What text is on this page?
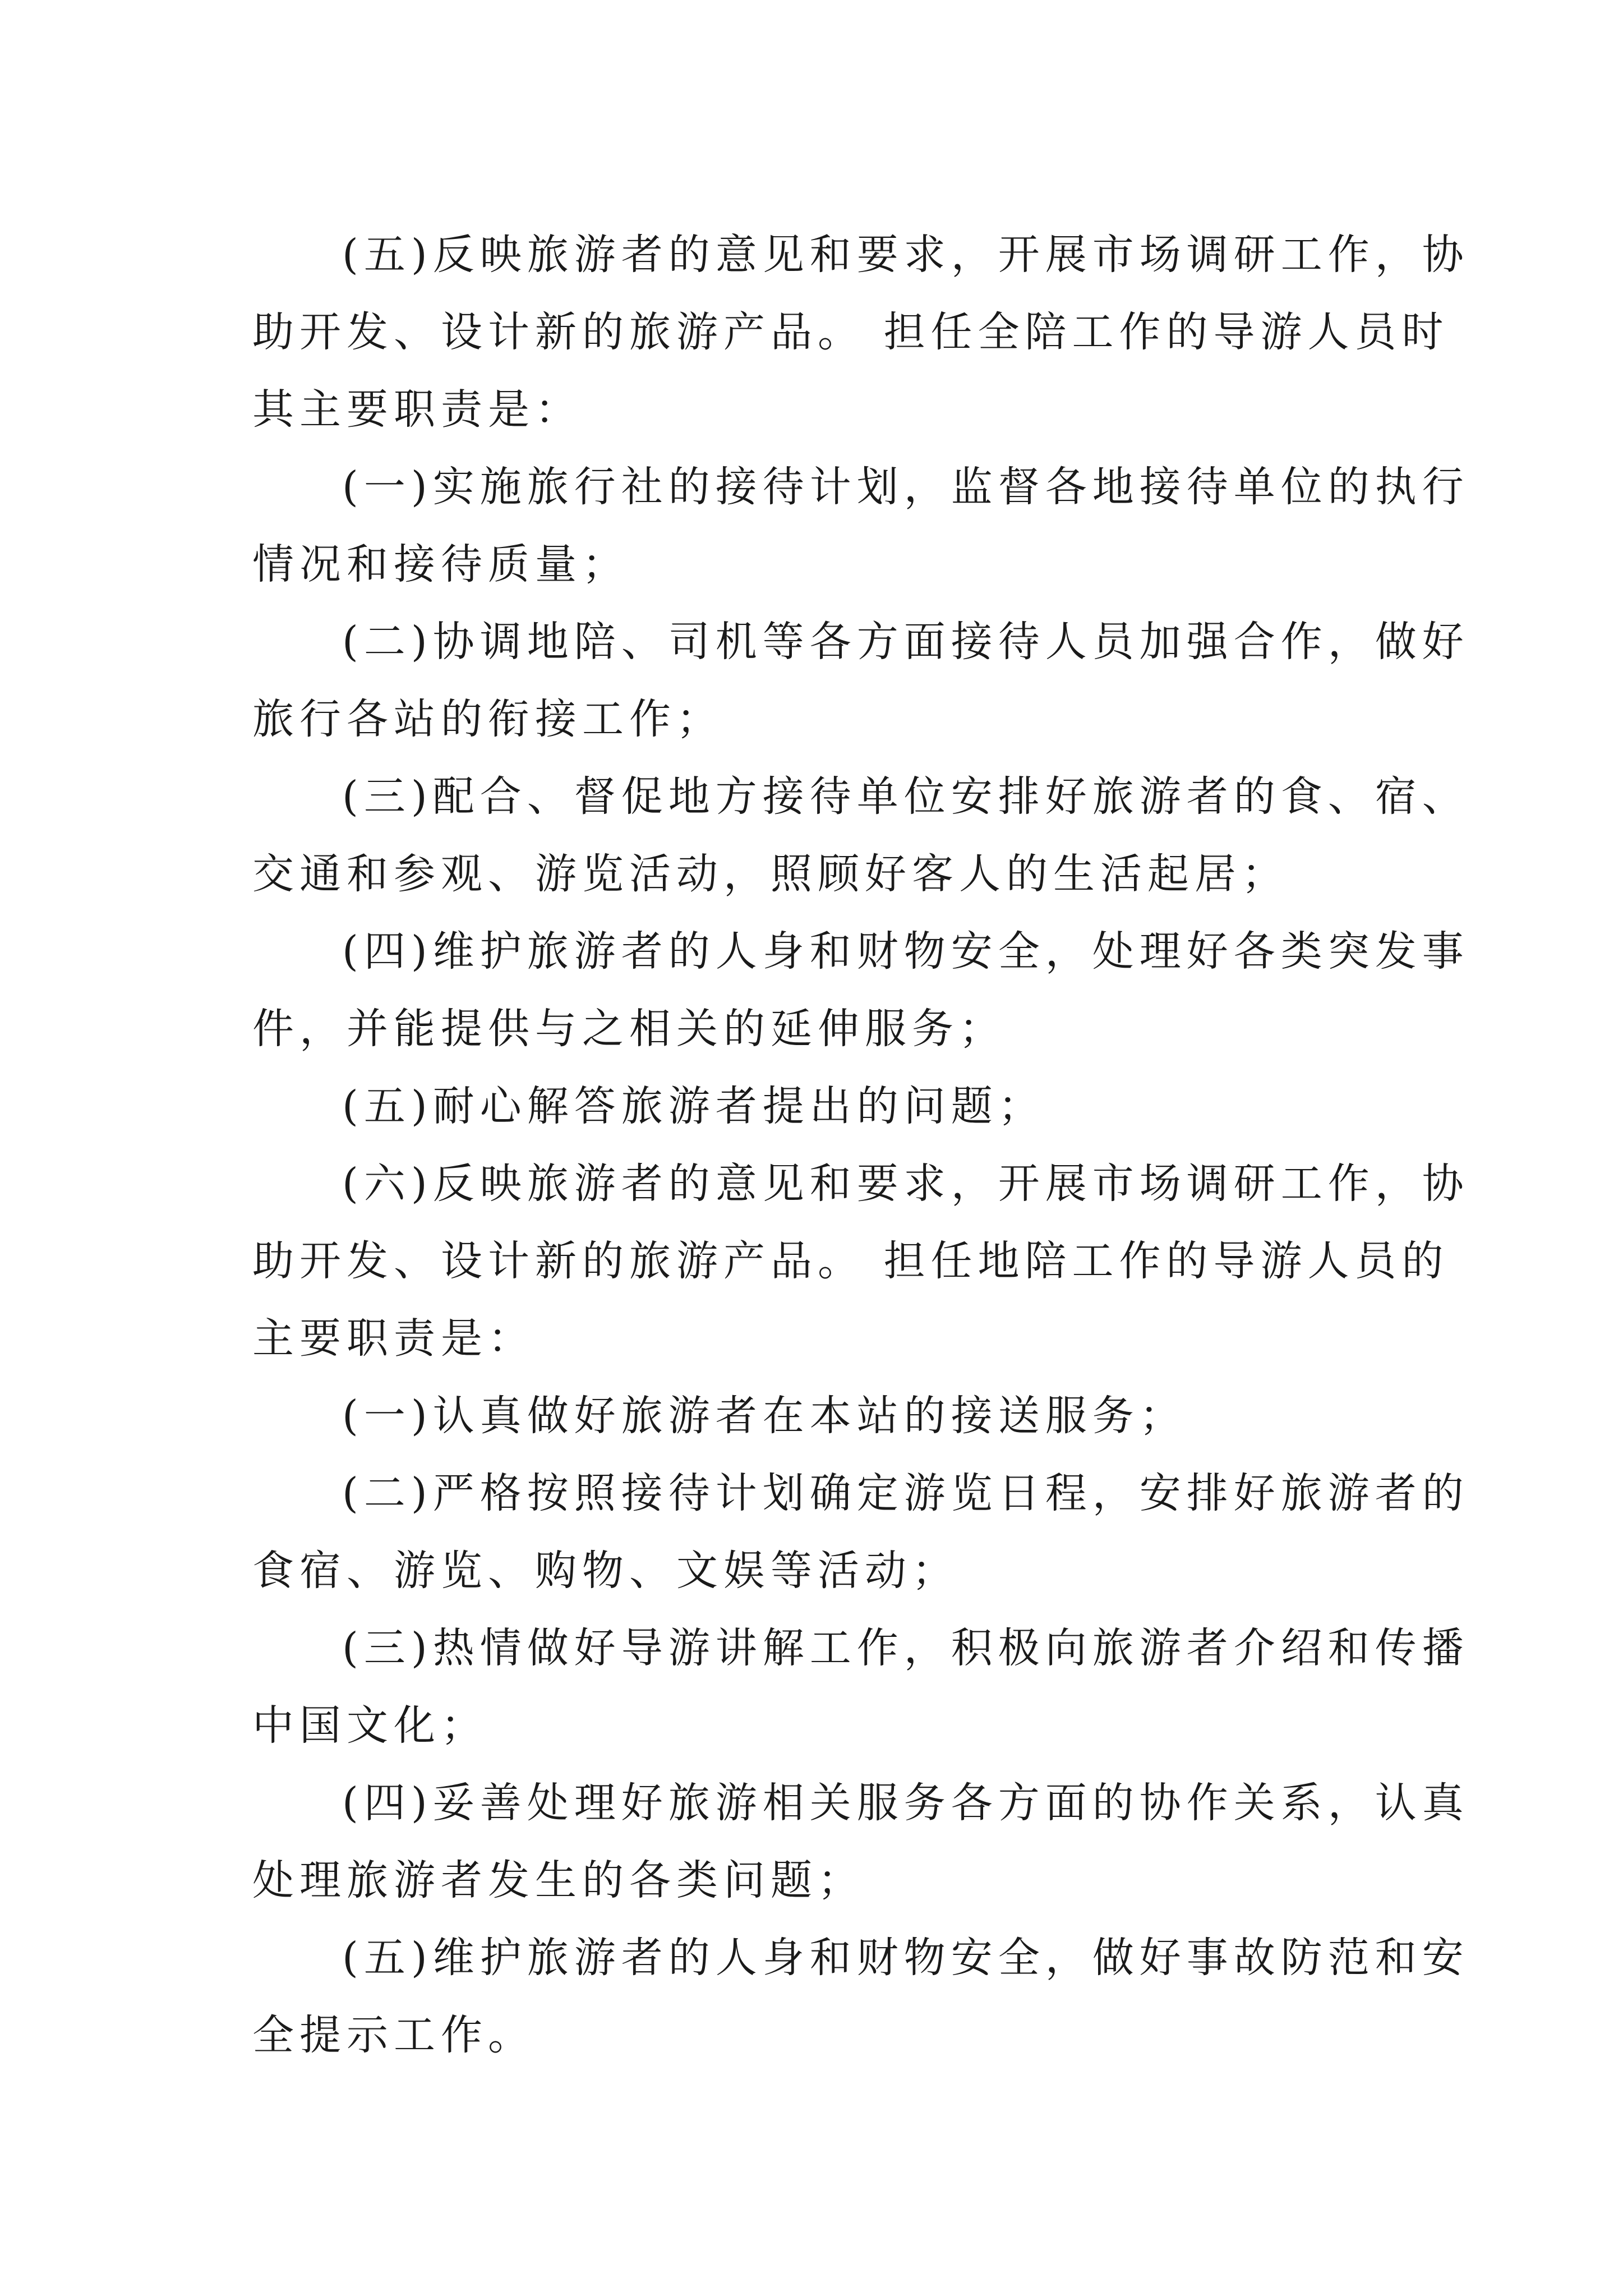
(五)反映旅游者的意见和要求，开展市场调研工作，协
助开发、设计新的旅游产品。 担任全陪工作的导游人员时
其主要职责是：
(一)实施旅行社的接待计划，监督各地接待单位的执行
情况和接待质量；
(二)协调地陪、司机等各方面接待人员加强合作，做好
旅行各站的衔接工作；
(三)配合、督促地方接待单位安排好旅游者的食、宿、
交通和参观、游览活动，照顾好客人的生活起居；
(四)维护旅游者的人身和财物安全，处理好各类突发事
件，并能提供与之相关的延伸服务；
(五)耐心解答旅游者提出的问题；
(六)反映旅游者的意见和要求，开展市场调研工作，协
助开发、设计新的旅游产品。 担任地陪工作的导游人员的
主要职责是：
(一)认真做好旅游者在本站的接送服务；
(二)严格按照接待计划确定游览日程，安排好旅游者的
食宿、游览、购物、文娱等活动；
(三)热情做好导游讲解工作，积极向旅游者介绍和传播
中国文化；
(四)妥善处理好旅游相关服务各方面的协作关系，认真
处理旅游者发生的各类问题；
(五)维护旅游者的人身和财物安全，做好事故防范和安
全提示工作。
